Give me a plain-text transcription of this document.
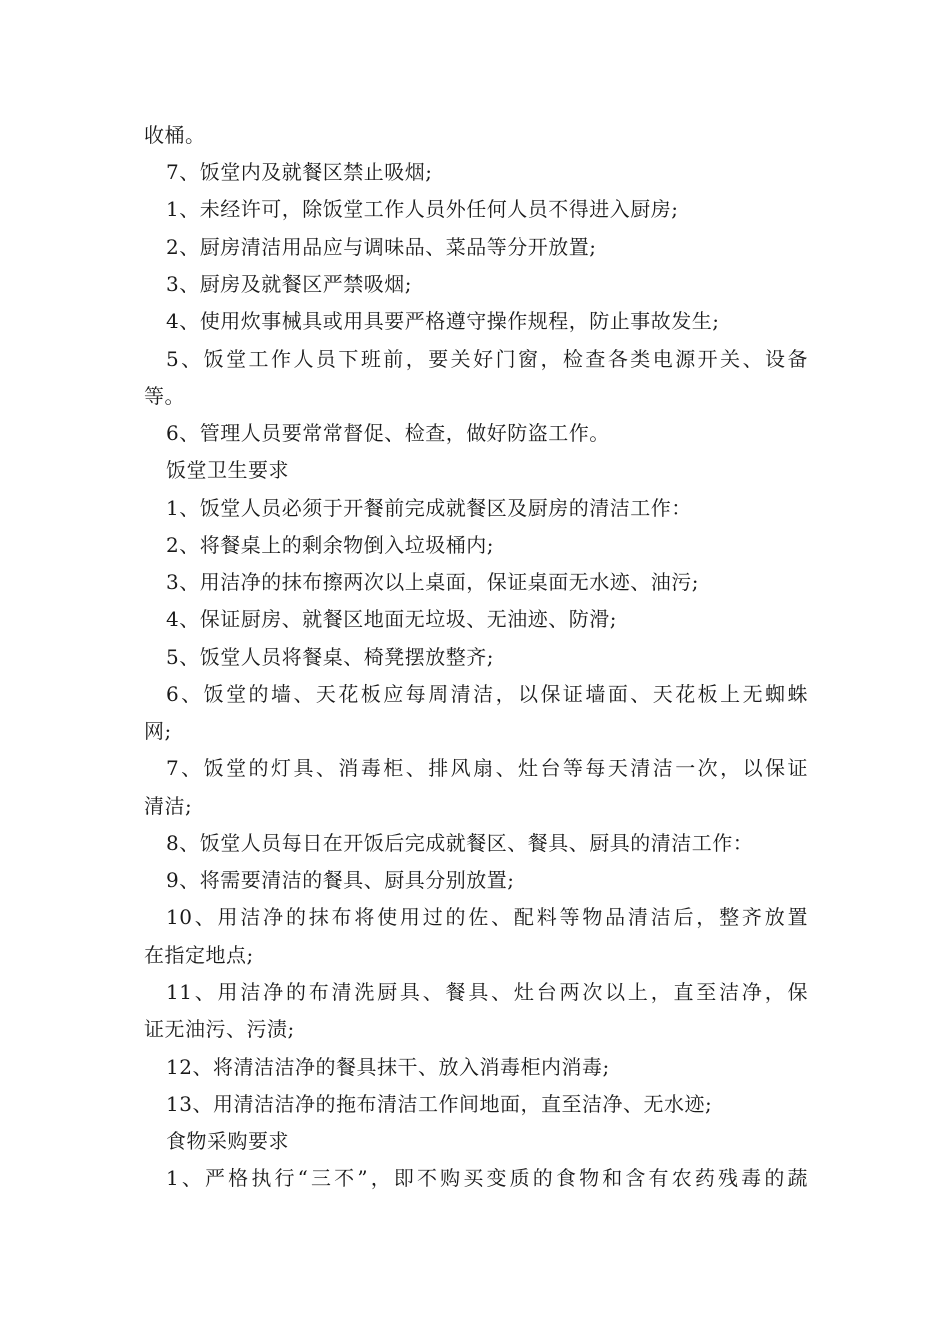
收桶。
7、饭堂内及就餐区禁止吸烟;
1、未经许可，除饭堂工作人员外任何人员不得进入厨房;
2、厨房清洁用品应与调味品、菜品等分开放置;
3、厨房及就餐区严禁吸烟;
4、使用炊事械具或用具要严格遵守操作规程，防止事故发生;
5、饭堂工作人员下班前，要关好门窗，检查各类电源开关、设备
等。
6、管理人员要常常督促、检查，做好防盗工作。
饭堂卫生要求
1、饭堂人员必须于开餐前完成就餐区及厨房的清洁工作：
2、将餐桌上的剩余物倒入垃圾桶内;
3、用洁净的抹布擦两次以上桌面，保证桌面无水迹、油污;
4、保证厨房、就餐区地面无垃圾、无油迹、防滑;
5、饭堂人员将餐桌、椅凳摆放整齐;
6、饭堂的墙、天花板应每周清洁，以保证墙面、天花板上无蜘蛛
网;
7、饭堂的灯具、消毒柜、排风扇、灶台等每天清洁一次，以保证
清洁;
8、饭堂人员每日在开饭后完成就餐区、餐具、厨具的清洁工作：
9、将需要清洁的餐具、厨具分别放置;
10、用洁净的抹布将使用过的佐、配料等物品清洁后，整齐放置
在指定地点;
11、用洁净的布清洗厨具、餐具、灶台两次以上，直至洁净，保
证无油污、污渍;
12、将清洁洁净的餐具抹干、放入消毒柜内消毒;
13、用清洁洁净的拖布清洁工作间地面，直至洁净、无水迹;
食物采购要求
1、严格执行“三不”，即不购买变质的食物和含有农药残毒的蔬
